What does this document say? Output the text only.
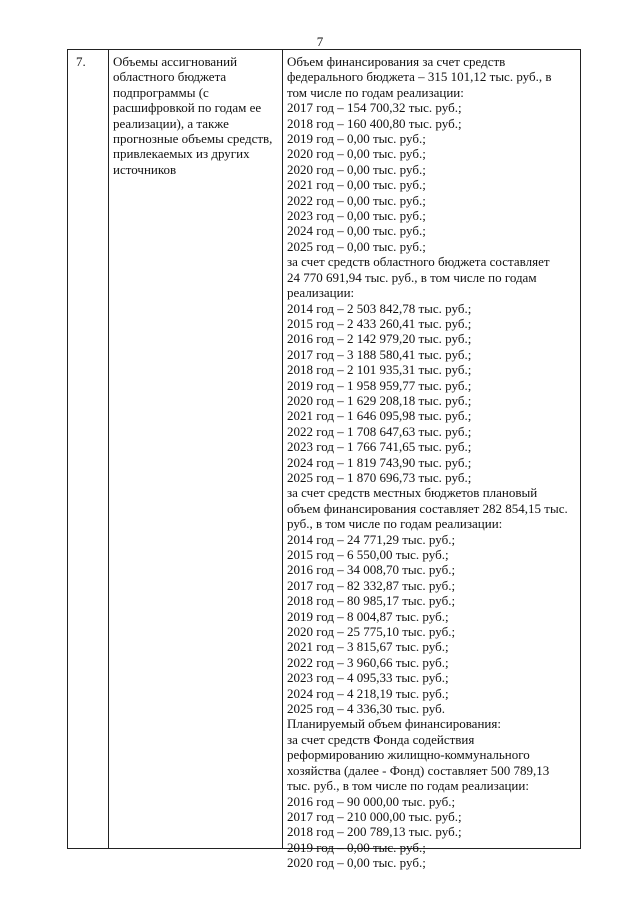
7
7. Объемы ассигнований областного бюджета подпрограммы (с расшифровкой по годам ее реализации), а также прогнозные объемы средств, привлекаемых из других источников
Объем финансирования за счет средств
федерального бюджета – 315 101,12 тыс. руб., в
том числе по годам реализации:
2017 год – 154 700,32 тыс. руб.;
2018 год – 160 400,80 тыс. руб.;
2019 год – 0,00 тыс. руб.;
2020 год – 0,00 тыс. руб.;
2020 год – 0,00 тыс. руб.;
2021 год – 0,00 тыс. руб.;
2022 год – 0,00 тыс. руб.;
2023 год – 0,00 тыс. руб.;
2024 год – 0,00 тыс. руб.;
2025 год – 0,00 тыс. руб.;
за счет средств областного бюджета составляет
24 770 691,94 тыс. руб., в том числе по годам
реализации:
2014 год – 2 503 842,78 тыс. руб.;
2015 год – 2 433 260,41 тыс. руб.;
2016 год – 2 142 979,20 тыс. руб.;
2017 год – 3 188 580,41 тыс. руб.;
2018 год – 2 101 935,31 тыс. руб.;
2019 год – 1 958 959,77 тыс. руб.;
2020 год – 1 629 208,18 тыс. руб.;
2021 год – 1 646 095,98 тыс. руб.;
2022 год – 1 708 647,63 тыс. руб.;
2023 год – 1 766 741,65 тыс. руб.;
2024 год – 1 819 743,90 тыс. руб.;
2025 год – 1 870 696,73 тыс. руб.;
за счет средств местных бюджетов плановый
объем финансирования составляет 282 854,15 тыс.
руб., в том числе по годам реализации:
2014 год – 24 771,29 тыс. руб.;
2015 год – 6 550,00 тыс. руб.;
2016 год – 34 008,70 тыс. руб.;
2017 год – 82 332,87 тыс. руб.;
2018 год – 80 985,17 тыс. руб.;
2019 год – 8 004,87 тыс. руб.;
2020 год – 25 775,10 тыс. руб.;
2021 год – 3 815,67 тыс. руб.;
2022 год – 3 960,66 тыс. руб.;
2023 год – 4 095,33 тыс. руб.;
2024 год – 4 218,19 тыс. руб.;
2025 год – 4 336,30 тыс. руб.
Планируемый объем финансирования:
за счет средств Фонда содействия
реформированию жилищно-коммунального
хозяйства (далее - Фонд) составляет 500 789,13
тыс. руб., в том числе по годам реализации:
2016 год – 90 000,00 тыс. руб.;
2017 год – 210 000,00 тыс. руб.;
2018 год – 200 789,13 тыс. руб.;
2019 год – 0,00 тыс. руб.;
2020 год – 0,00 тыс. руб.;
